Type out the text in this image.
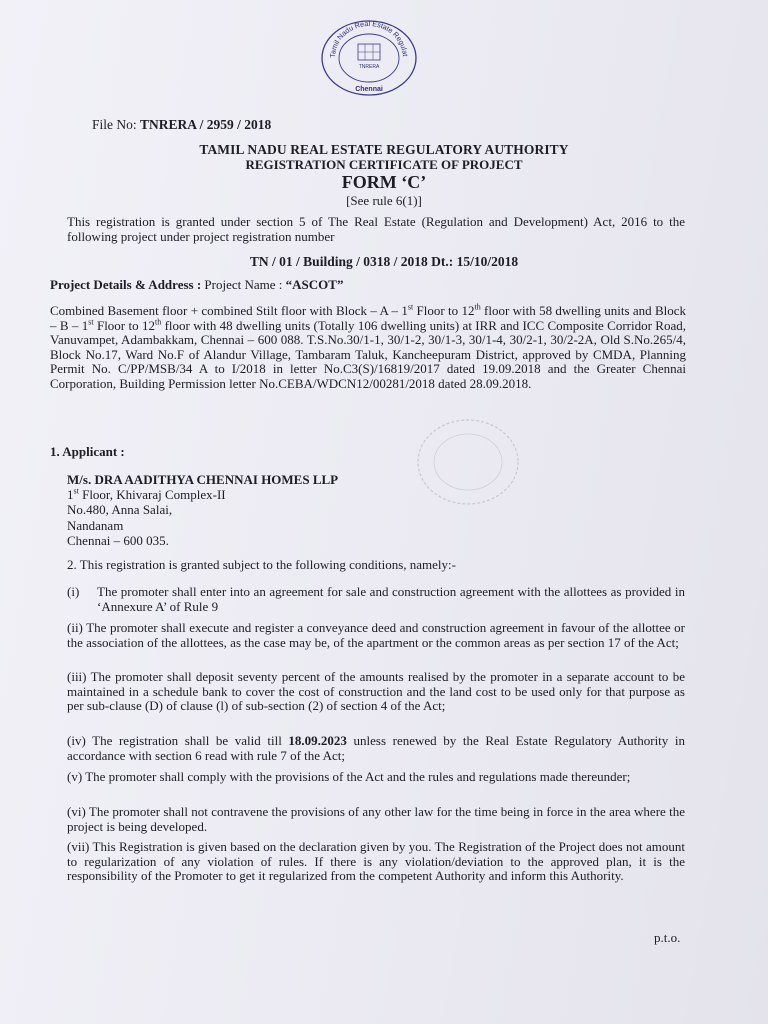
Tamil Nadu Real Estate Regulat
TNRERA
Chennai
File No: TNRERA / 2959 / 2018
TAMIL NADU REAL ESTATE REGULATORY AUTHORITY
REGISTRATION CERTIFICATE OF PROJECT
FORM ‘C’
[See rule 6(1)]
This registration is granted under section 5 of The Real Estate (Regulation and Development) Act, 2016 to the following project under project registration number
TN / 01 / Building / 0318 / 2018 Dt.: 15/10/2018
Project Details & Address : Project Name : “ASCOT”
Combined Basement floor + combined Stilt floor with Block – A – 1st Floor to 12th floor with 58 dwelling units and Block – B – 1st Floor to 12th floor with 48 dwelling units (Totally 106 dwelling units) at IRR and ICC Composite Corridor Road, Vanuvampet, Adambakkam, Chennai – 600 088. T.S.No.30/1-1, 30/1-2, 30/1-3, 30/1-4, 30/2-1, 30/2-2A, Old S.No.265/4, Block No.17, Ward No.F of Alandur Village, Tambaram Taluk, Kancheepuram District, approved by CMDA, Planning Permit No. C/PP/MSB/34 A to I/2018 in letter No.C3(S)/16819/2017 dated 19.09.2018 and the Greater Chennai Corporation, Building Permission letter No.CEBA/WDCN12/00281/2018 dated 28.09.2018.
1. Applicant :
M/s. DRA AADITHYA CHENNAI HOMES LLP
1st Floor, Khivaraj Complex-II
No.480, Anna Salai,
Nandanam
Chennai – 600 035.
2. This registration is granted subject to the following conditions, namely:-
(i)	The promoter shall enter into an agreement for sale and construction agreement with the allottees as provided in ‘Annexure A’ of Rule 9
(ii) The promoter shall execute and register a conveyance deed and construction agreement in favour of the allottee or the association of the allottees, as the case may be, of the apartment or the common areas as per section 17 of the Act;
(iii) The promoter shall deposit seventy percent of the amounts realised by the promoter in a separate account to be maintained in a schedule bank to cover the cost of construction and the land cost to be used only for that purpose as per sub-clause (D) of clause (l) of sub-section (2) of section 4 of the Act;
(iv) The registration shall be valid till 18.09.2023 unless renewed by the Real Estate Regulatory Authority in accordance with section 6 read with rule 7 of the Act;
(v) The promoter shall comply with the provisions of the Act and the rules and regulations made thereunder;
(vi) The promoter shall not contravene the provisions of any other law for the time being in force in the area where the project is being developed.
(vii) This Registration is given based on the declaration given by you. The Registration of the Project does not amount to regularization of any violation of rules. If there is any violation/deviation to the approved plan, it is the responsibility of the Promoter to get it regularized from the competent Authority and inform this Authority.
p.t.o.
